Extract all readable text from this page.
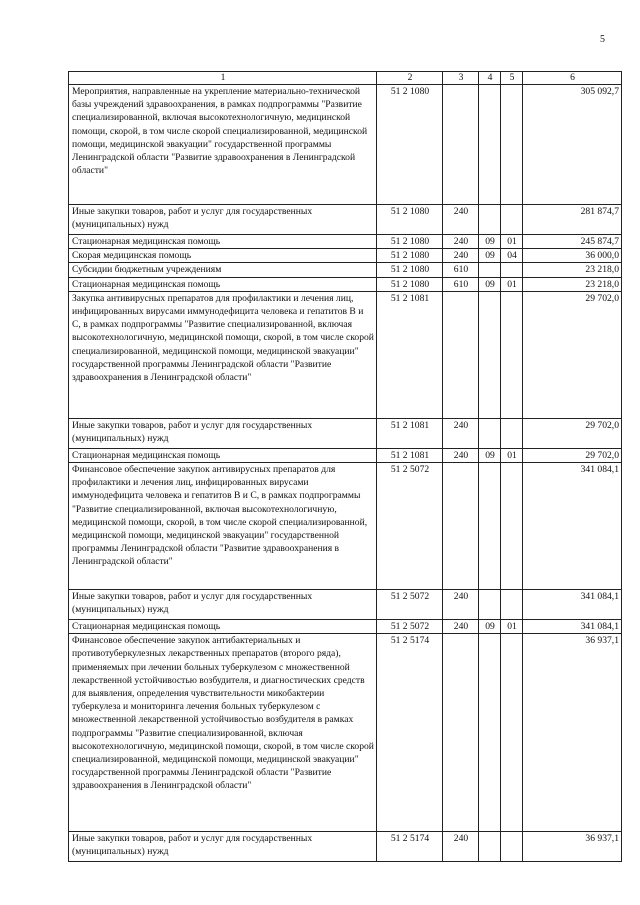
5
1	2	3	4	5	6
Мероприятия, направленные на укрепление материально-технической базы учреждений здравоохранения, в рамках подпрограммы "Развитие специализированной, включая высокотехнологичную, медицинской помощи, скорой, в том числе скорой специализированной, медицинской помощи, медицинской эвакуации" государственной программы Ленинградской области "Развитие здравоохранения в Ленинградской области"	51 2 1080				305 092,7
Иные закупки товаров, работ и услуг для государственных (муниципальных) нужд	51 2 1080	240			281 874,7
Стационарная медицинская помощь	51 2 1080	240	09	01	245 874,7
Скорая медицинская помощь	51 2 1080	240	09	04	36 000,0
Субсидии бюджетным учреждениям	51 2 1080	610			23 218,0
Стационарная медицинская помощь	51 2 1080	610	09	01	23 218,0
Закупка антивирусных препаратов для профилактики и лечения лиц, инфицированных вирусами иммунодефицита человека и гепатитов В и С, в рамках подпрограммы "Развитие специализированной, включая высокотехнологичную, медицинской помощи, скорой, в том числе скорой специализированной, медицинской помощи, медицинской эвакуации" государственной программы Ленинградской области "Развитие здравоохранения в Ленинградской области"	51 2 1081				29 702,0
Иные закупки товаров, работ и услуг для государственных (муниципальных) нужд	51 2 1081	240			29 702,0
Стационарная медицинская помощь	51 2 1081	240	09	01	29 702,0
Финансовое обеспечение закупок антивирусных препаратов для профилактики и лечения лиц, инфицированных вирусами иммунодефицита человека и гепатитов В и С, в рамках подпрограммы "Развитие специализированной, включая высокотехнологичную, медицинской помощи, скорой, в том числе скорой специализированной, медицинской помощи, медицинской эвакуации" государственной программы Ленинградской области "Развитие здравоохранения в Ленинградской области"	51 2 5072				341 084,1
Иные закупки товаров, работ и услуг для государственных (муниципальных) нужд	51 2 5072	240			341 084,1
Стационарная медицинская помощь	51 2 5072	240	09	01	341 084,1
Финансовое обеспечение закупок антибактериальных и противотуберкулезных лекарственных препаратов (второго ряда), применяемых при лечении больных туберкулезом с множественной лекарственной устойчивостью возбудителя, и диагностических средств для выявления, определения чувствительности микобактерии туберкулеза и мониторинга лечения больных туберкулезом с множественной лекарственной устойчивостью возбудителя в рамках подпрограммы "Развитие специализированной, включая высокотехнологичную, медицинской помощи, скорой, в том числе скорой специализированной, медицинской помощи, медицинской эвакуации" государственной программы Ленинградской области "Развитие здравоохранения в Ленинградской области"	51 2 5174				36 937,1
Иные закупки товаров, работ и услуг для государственных (муниципальных) нужд	51 2 5174	240			36 937,1
